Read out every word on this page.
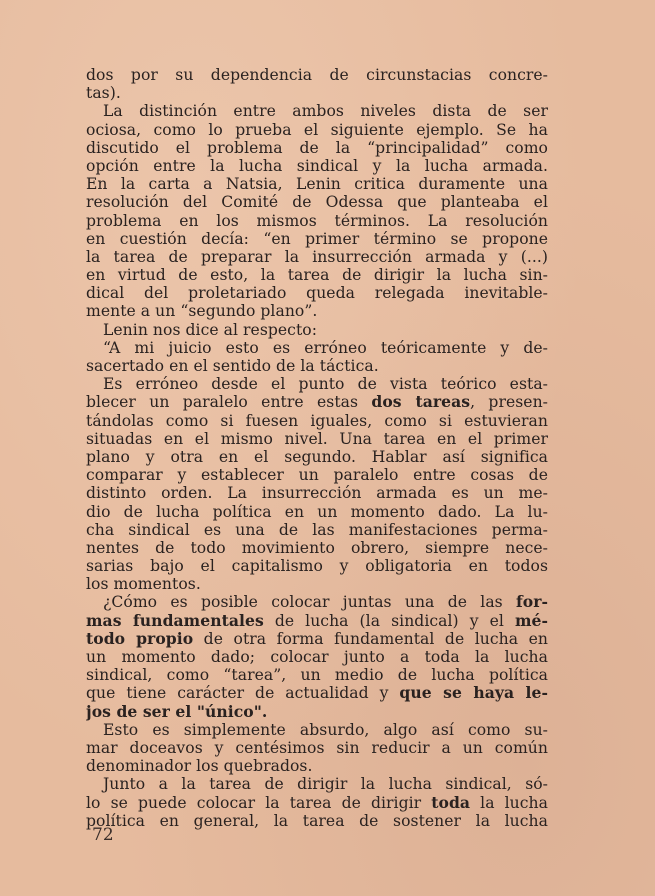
dos por su dependencia de circunstacias concre-
tas).
La distinción entre ambos niveles dista de ser
ociosa, como lo prueba el siguiente ejemplo. Se ha
discutido el problema de la “principalidad” como
opción entre la lucha sindical y la lucha armada.
En la carta a Natsia, Lenin critica duramente una
resolución del Comité de Odessa que planteaba el
problema en los mismos términos. La resolución
en cuestión decía: “en primer término se propone
la tarea de preparar la insurrección armada y (...)
en virtud de esto, la tarea de dirigir la lucha sin-
dical del proletariado queda relegada inevitable-
mente a un “segundo plano”.
Lenin nos dice al respecto:
“A mi juicio esto es erróneo teóricamente y de-
sacertado en el sentido de la táctica.
Es erróneo desde el punto de vista teórico esta-
blecer un paralelo entre estas dos tareas, presen-
tándolas como si fuesen iguales, como si estuvieran
situadas en el mismo nivel. Una tarea en el primer
plano y otra en el segundo. Hablar así significa
comparar y establecer un paralelo entre cosas de
distinto orden. La insurrección armada es un me-
dio de lucha política en un momento dado. La lu-
cha sindical es una de las manifestaciones perma-
nentes de todo movimiento obrero, siempre nece-
sarias bajo el capitalismo y obligatoria en todos
los momentos.
¿Cómo es posible colocar juntas una de las for-
mas fundamentales de lucha (la sindical) y el mé-
todo propio de otra forma fundamental de lucha en
un momento dado; colocar junto a toda la lucha
sindical, como “tarea”, un medio de lucha política
que tiene carácter de actualidad y que se haya le-
jos de ser el "único".
Esto es simplemente absurdo, algo así como su-
mar doceavos y centésimos sin reducir a un común
denominador los quebrados.
Junto a la tarea de dirigir la lucha sindical, só-
lo se puede colocar la tarea de dirigir toda la lucha
política en general, la tarea de sostener la lucha
72
